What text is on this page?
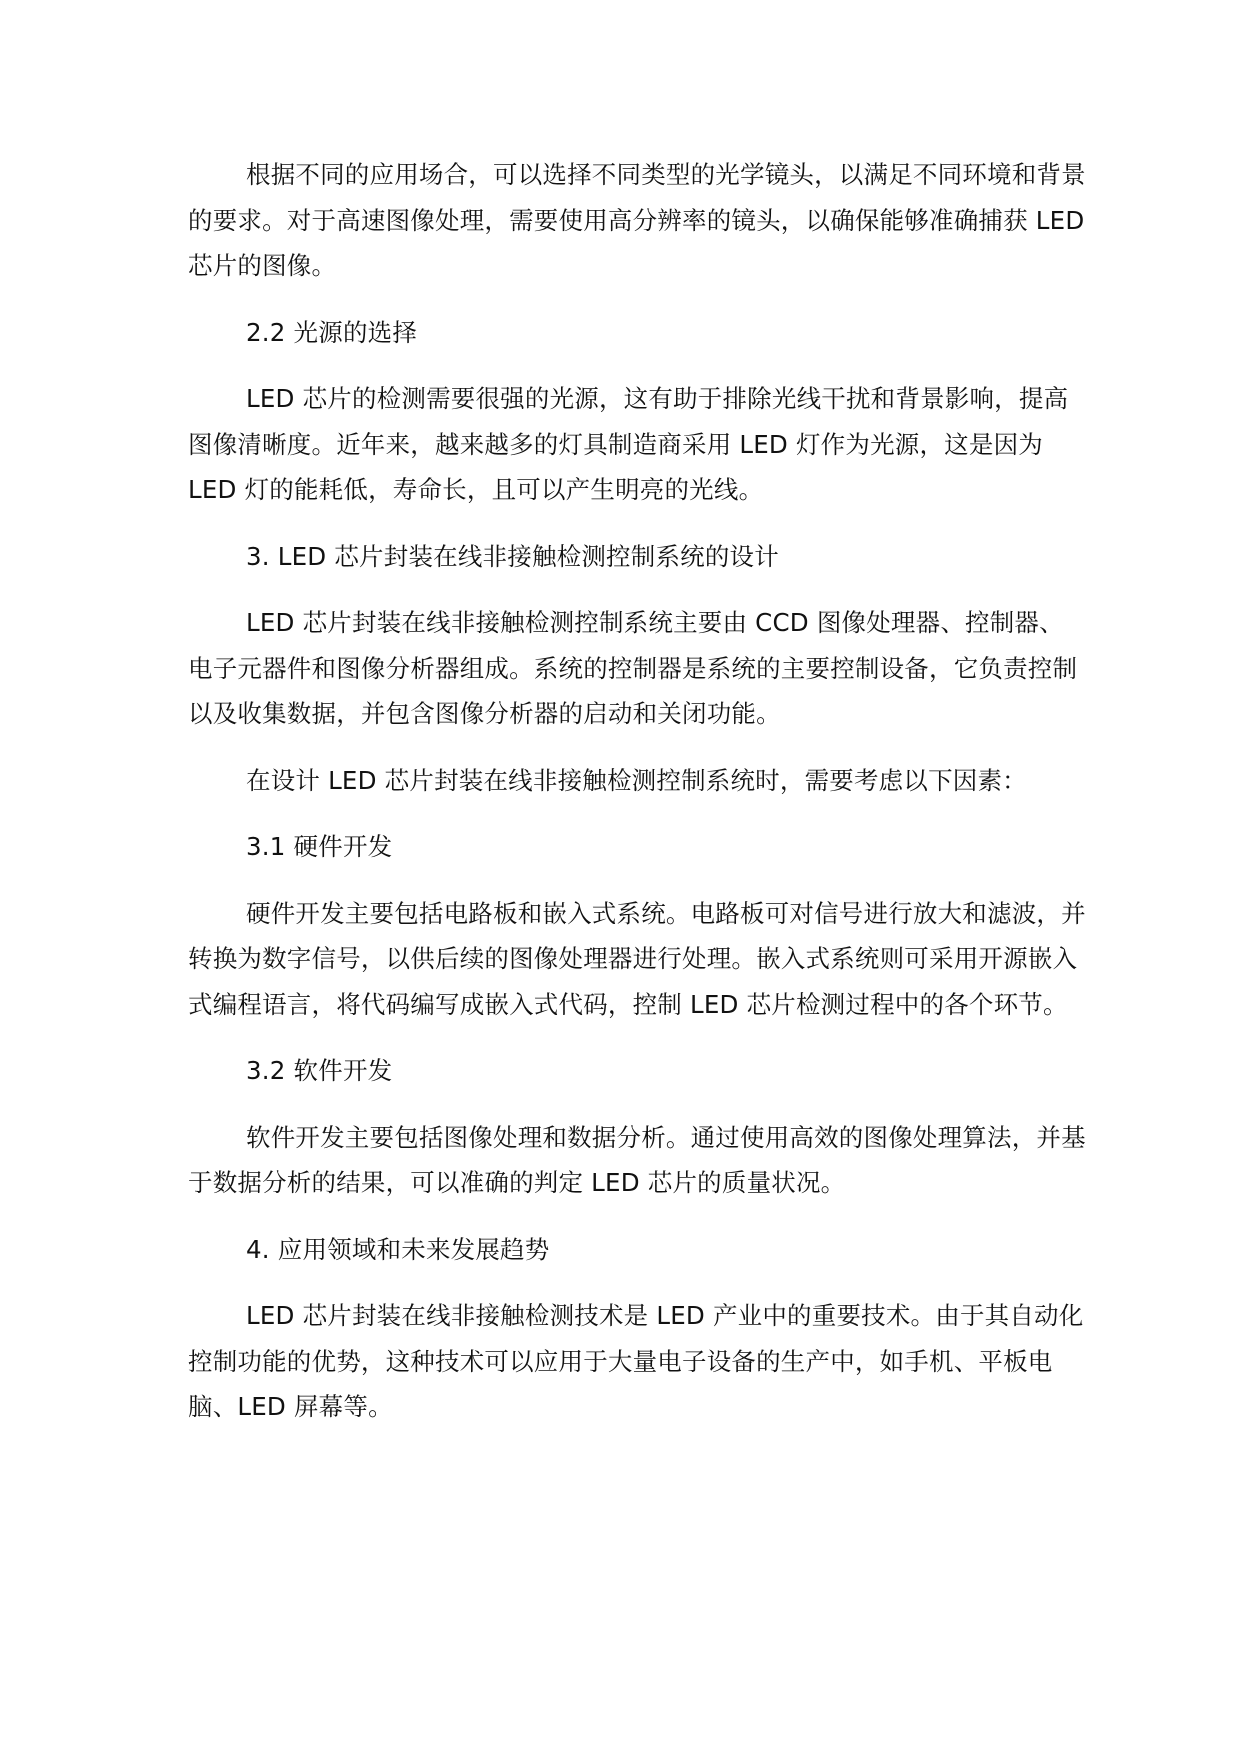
根据不同的应用场合，可以选择不同类型的光学镜头，以满足不同环境和背景的要求。对于高速图像处理，需要使用高分辨率的镜头，以确保能够准确捕获 LED 芯片的图像。

2.2 光源的选择

LED 芯片的检测需要很强的光源，这有助于排除光线干扰和背景影响，提高图像清晰度。近年来，越来越多的灯具制造商采用 LED 灯作为光源，这是因为 LED 灯的能耗低，寿命长，且可以产生明亮的光线。

3. LED 芯片封装在线非接触检测控制系统的设计

LED 芯片封装在线非接触检测控制系统主要由 CCD 图像处理器、控制器、电子元器件和图像分析器组成。系统的控制器是系统的主要控制设备，它负责控制以及收集数据，并包含图像分析器的启动和关闭功能。

在设计 LED 芯片封装在线非接触检测控制系统时，需要考虑以下因素：

3.1 硬件开发

硬件开发主要包括电路板和嵌入式系统。电路板可对信号进行放大和滤波，并转换为数字信号，以供后续的图像处理器进行处理。嵌入式系统则可采用开源嵌入式编程语言，将代码编写成嵌入式代码，控制 LED 芯片检测过程中的各个环节。

3.2 软件开发

软件开发主要包括图像处理和数据分析。通过使用高效的图像处理算法，并基于数据分析的结果，可以准确的判定 LED 芯片的质量状况。

4. 应用领域和未来发展趋势

LED 芯片封装在线非接触检测技术是 LED 产业中的重要技术。由于其自动化控制功能的优势，这种技术可以应用于大量电子设备的生产中，如手机、平板电脑、LED 屏幕等。
